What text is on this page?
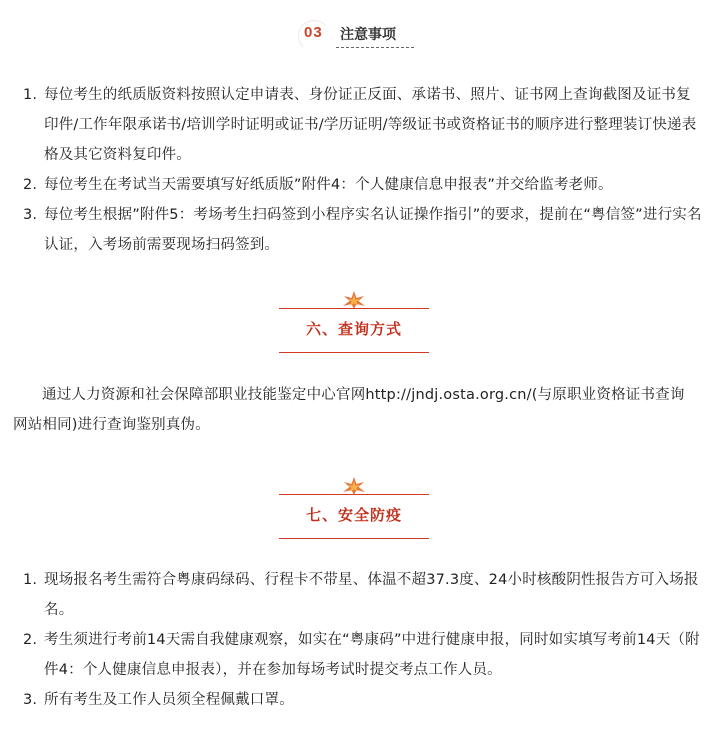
03 注意事项
1. 每位考生的纸质版资料按照认定申请表、身份证正反面、承诺书、照片、证书网上查询截图及证书复印件/工作年限承诺书/培训学时证明或证书/学历证明/等级证书或资格证书的顺序进行整理装订快递表格及其它资料复印件。
2. 每位考生在考试当天需要填写好纸质版”附件4：个人健康信息申报表”并交给监考老师。
3. 每位考生根据”附件5：考场考生扫码签到小程序实名认证操作指引”的要求，提前在“粤信签”进行实名认证，入考场前需要现场扫码签到。
六、查询方式
通过人力资源和社会保障部职业技能鉴定中心官网http://jndj.osta.org.cn/(与原职业资格证书查询网站相同)进行查询鉴别真伪。
七、安全防疫
1. 现场报名考生需符合粤康码绿码、行程卡不带星、体温不超37.3度、24小时核酸阴性报告方可入场报名。
2. 考生须进行考前14天需自我健康观察，如实在“粤康码”中进行健康申报，同时如实填写考前14天（附件4：个人健康信息申报表），并在参加每场考试时提交考点工作人员。
3. 所有考生及工作人员须全程佩戴口罩。
